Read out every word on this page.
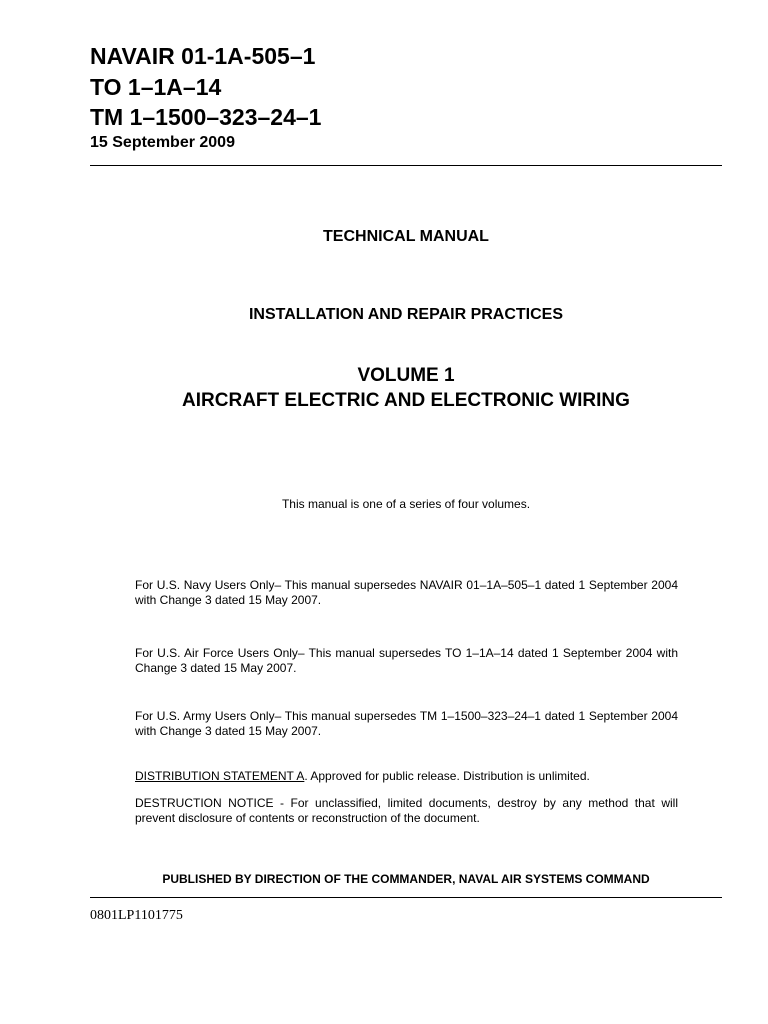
NAVAIR 01-1A-505–1
TO 1–1A–14
TM 1–1500–323–24–1
15 September 2009
TECHNICAL MANUAL
INSTALLATION AND REPAIR PRACTICES
VOLUME 1
AIRCRAFT ELECTRIC AND ELECTRONIC WIRING
This manual is one of a series of four volumes.
For U.S. Navy Users Only– This manual supersedes NAVAIR 01–1A–505–1 dated 1 September 2004 with Change 3 dated 15 May 2007.
For U.S. Air Force Users Only– This manual supersedes TO 1–1A–14 dated 1 September 2004 with Change 3 dated 15 May 2007.
For U.S. Army Users Only– This manual supersedes TM 1–1500–323–24–1 dated 1 September 2004 with Change 3 dated 15 May 2007.
DISTRIBUTION STATEMENT A. Approved for public release. Distribution is unlimited.
DESTRUCTION NOTICE - For unclassified, limited documents, destroy by any method that will prevent disclosure of contents or reconstruction of the document.
PUBLISHED BY DIRECTION OF THE COMMANDER, NAVAL AIR SYSTEMS COMMAND
0801LP1101775
